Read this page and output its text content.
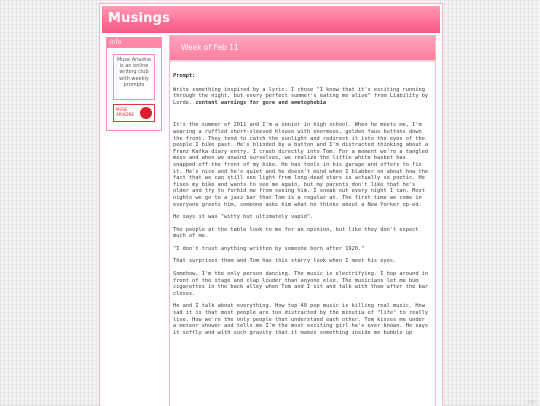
Musings
Info
Muse Ariadne is an online writing club with weekly prompts
MUSE ARIADNE
Week of Feb 11
Prompt:

Write something inspired by a lyric. I chose "I know that it's exciting running through the night, but every perfect summer's eating me alive" from Liability by Lorde. content warnings for gore and emetophobia

It's the summer of 2011 and I'm a senior in high school. When he meets me, I'm wearing a ruffled short-sleeved blouse with enormous, golden faux buttons down the front. They tend to catch the sunlight and redirect it into the eyes of the people I bike past. He's blinded by a button and I'm distracted thinking about a Franz Kafka diary entry. I crash directly into Tom. For a moment we're a tangled mess and when we unwind ourselves, we realize the little white basket has snapped off the front of my bike. He has tools in his garage and offers to fix it. He's nice and he's quiet and he doesn't mind when I blabber on about how the fact that we can still see light from long-dead stars is actually so poetic. He fixes my bike and wants to see me again, but my parents don't like that he's older and try to forbid me from seeing him. I sneak out every night I can. Most nights we go to a jazz bar that Tom is a regular at. The first time we come in everyone greets him, someone asks him what he thinks about a New Yorker op-ed.

He says it was "witty but ultimately vapid".

The people at the table look to me for an opinion, but like they don't expect much of me.

"I don't trust anything written by someone born after 1920."

That surprises them and Tom has this starry look when I meet his eyes.

Somehow, I'm the only person dancing. The music is electrifying. I hop around in front of the stage and clap louder than anyone else. The musicians let me bum cigarettes in the back alley when Tom and I sit and talk with them after the bar closes.

He and I talk about everything. How top 40 pop music is killing real music. How sad it is that most people are too distracted by the minutia of "life" to really live. How we're the only people that understand each other. Tom kisses me under a meteor shower and tells me I'm the most exciting girl he's ever known. He says it softly and with such gravity that it makes something inside me bubble up

align
